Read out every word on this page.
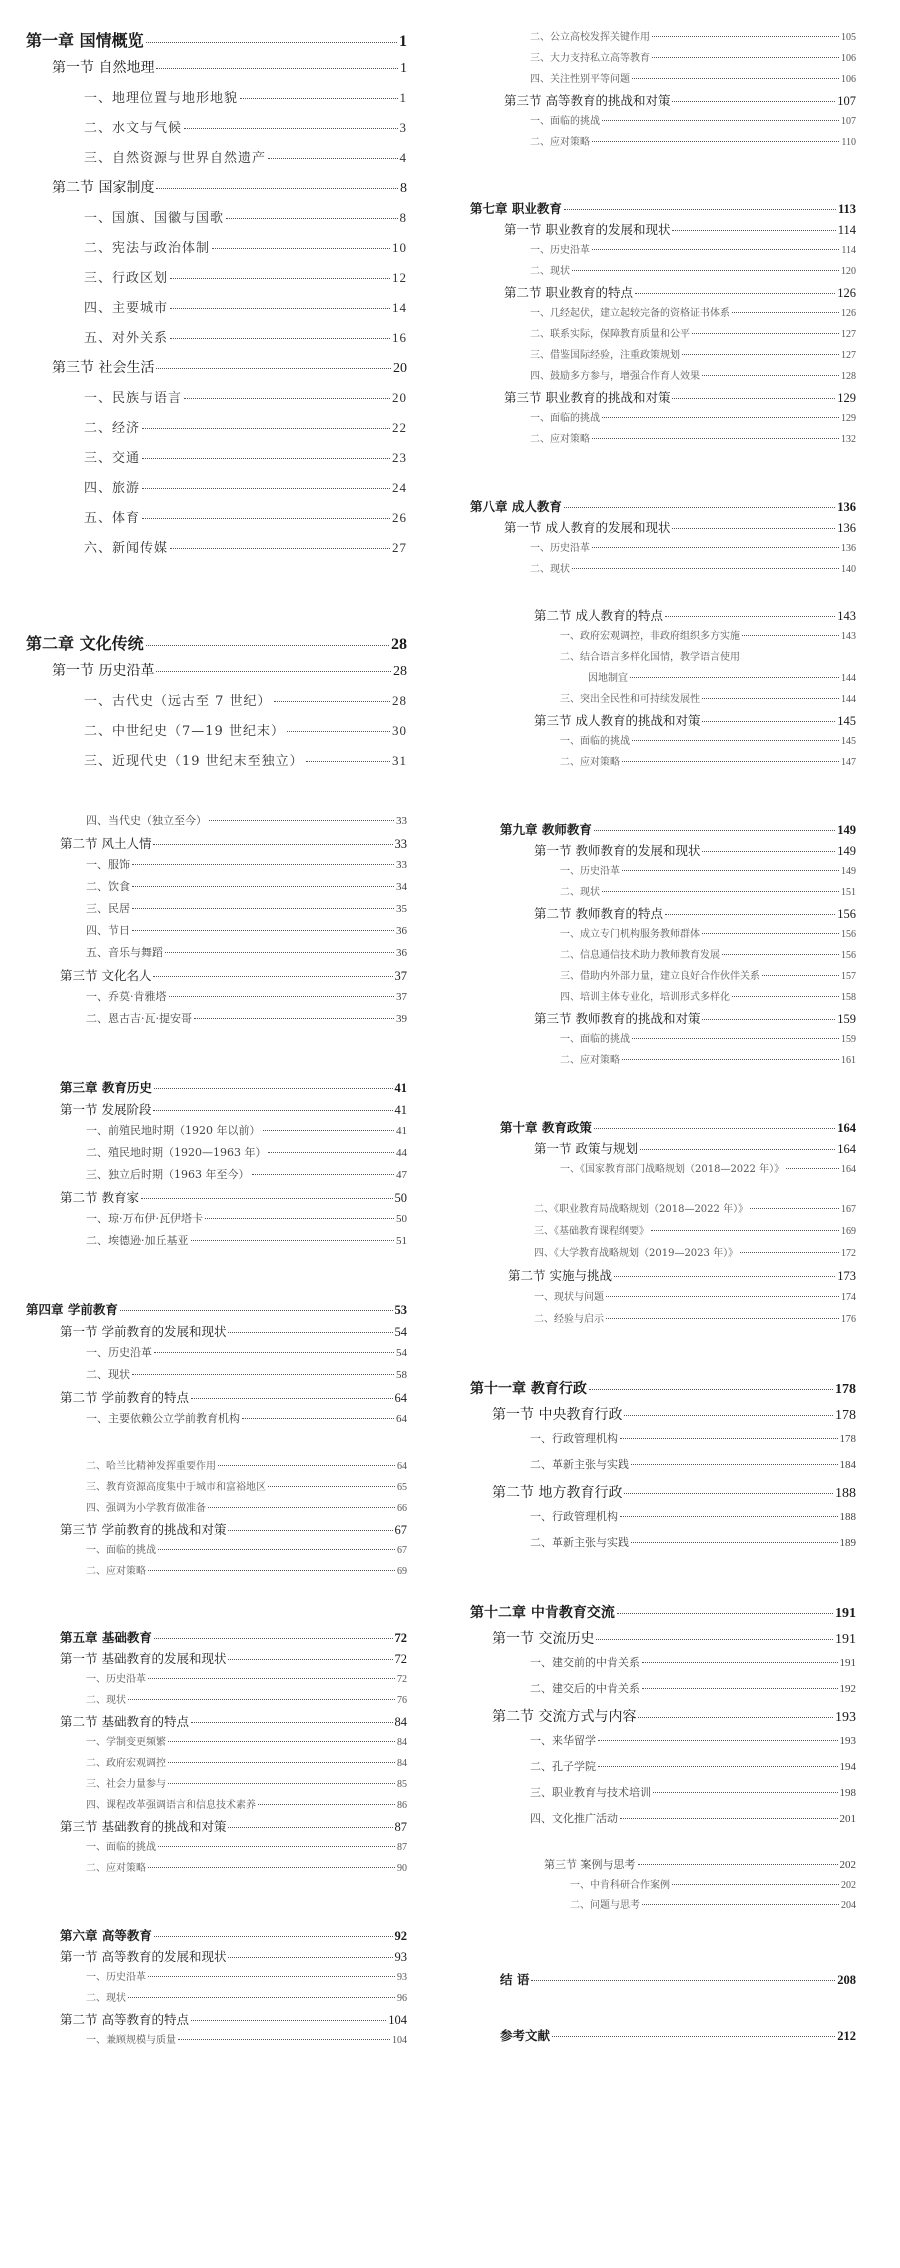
第一章 国情概览	1
第一节 自然地理	1
一、地理位置与地形地貌	1
二、水文与气候	3
三、自然资源与世界自然遗产	4
第二节 国家制度	8
一、国旗、国徽与国歌	8
二、宪法与政治体制	10
三、行政区划	12
四、主要城市	14
五、对外关系	16
第三节 社会生活	20
一、民族与语言	20
二、经济	22
三、交通	23
四、旅游	24
五、体育	26
六、新闻传媒	27
第二章 文化传统	28
第一节 历史沿革	28
一、古代史（远古至 7 世纪）	28
二、中世纪史（7—19 世纪末）	30
三、近现代史（19 世纪末至独立）	31
四、当代史（独立至今）	33
第二节 风土人情	33
一、服饰	33
二、饮食	34
三、民居	35
四、节日	36
五、音乐与舞蹈	36
第三节 文化名人	37
一、乔莫·肯雅塔	37
二、恩古吉·瓦·提安哥	39
第三章 教育历史	41
第一节 发展阶段	41
一、前殖民地时期（1920 年以前）	41
二、殖民地时期（1920—1963 年）	44
三、独立后时期（1963 年至今）	47
第二节 教育家	50
一、琼·万布伊·瓦伊塔卡	50
二、埃德逊·加丘基亚	51
第四章 学前教育	53
第一节 学前教育的发展和现状	54
一、历史沿革	54
二、现状	58
第二节 学前教育的特点	64
一、主要依赖公立学前教育机构	64
二、哈兰比精神发挥重要作用	64
三、教育资源高度集中于城市和富裕地区	65
四、强调为小学教育做准备	66
第三节 学前教育的挑战和对策	67
一、面临的挑战	67
二、应对策略	69
第五章 基础教育	72
第一节 基础教育的发展和现状	72
一、历史沿革	72
二、现状	76
第二节 基础教育的特点	84
一、学制变更频繁	84
二、政府宏观调控	84
三、社会力量参与	85
四、课程改革强调语言和信息技术素养	86
第三节 基础教育的挑战和对策	87
一、面临的挑战	87
二、应对策略	90
第六章 高等教育	92
第一节 高等教育的发展和现状	93
一、历史沿革	93
二、现状	96
第二节 高等教育的特点	104
一、兼顾规模与质量	104
二、公立高校发挥关键作用	105
三、大力支持私立高等教育	106
四、关注性别平等问题	106
第三节 高等教育的挑战和对策	107
一、面临的挑战	107
二、应对策略	110
第七章 职业教育	113
第一节 职业教育的发展和现状	114
一、历史沿革	114
二、现状	120
第二节 职业教育的特点	126
一、几经起伏，建立起较完备的资格证书体系	126
二、联系实际，保障教育质量和公平	127
三、借鉴国际经验，注重政策规划	127
四、鼓励多方参与，增强合作育人效果	128
第三节 职业教育的挑战和对策	129
一、面临的挑战	129
二、应对策略	132
第八章 成人教育	136
第一节 成人教育的发展和现状	136
一、历史沿革	136
二、现状	140
第二节 成人教育的特点	143
一、政府宏观调控，非政府组织多方实施	143
二、结合语言多样化国情，教学语言使用
因地制宜	144
三、突出全民性和可持续发展性	144
第三节 成人教育的挑战和对策	145
一、面临的挑战	145
二、应对策略	147
第九章 教师教育	149
第一节 教师教育的发展和现状	149
一、历史沿革	149
二、现状	151
第二节 教师教育的特点	156
一、成立专门机构服务教师群体	156
二、信息通信技术助力教师教育发展	156
三、借助内外部力量，建立良好合作伙伴关系	157
四、培训主体专业化，培训形式多样化	158
第三节 教师教育的挑战和对策	159
一、面临的挑战	159
二、应对策略	161
第十章 教育政策	164
第一节 政策与规划	164
一、《国家教育部门战略规划（2018—2022 年）》	164
二、《职业教育局战略规划（2018—2022 年）》	167
三、《基础教育课程纲要》	169
四、《大学教育战略规划（2019—2023 年）》	172
第二节 实施与挑战	173
一、现状与问题	174
二、经验与启示	176
第十一章 教育行政	178
第一节 中央教育行政	178
一、行政管理机构	178
二、革新主张与实践	184
第二节 地方教育行政	188
一、行政管理机构	188
二、革新主张与实践	189
第十二章 中肯教育交流	191
第一节 交流历史	191
一、建交前的中肯关系	191
二、建交后的中肯关系	192
第二节 交流方式与内容	193
一、来华留学	193
二、孔子学院	194
三、职业教育与技术培训	198
四、文化推广活动	201
第三节 案例与思考	202
一、中肯科研合作案例	202
二、问题与思考	204
结 语	208
参考文献	212
